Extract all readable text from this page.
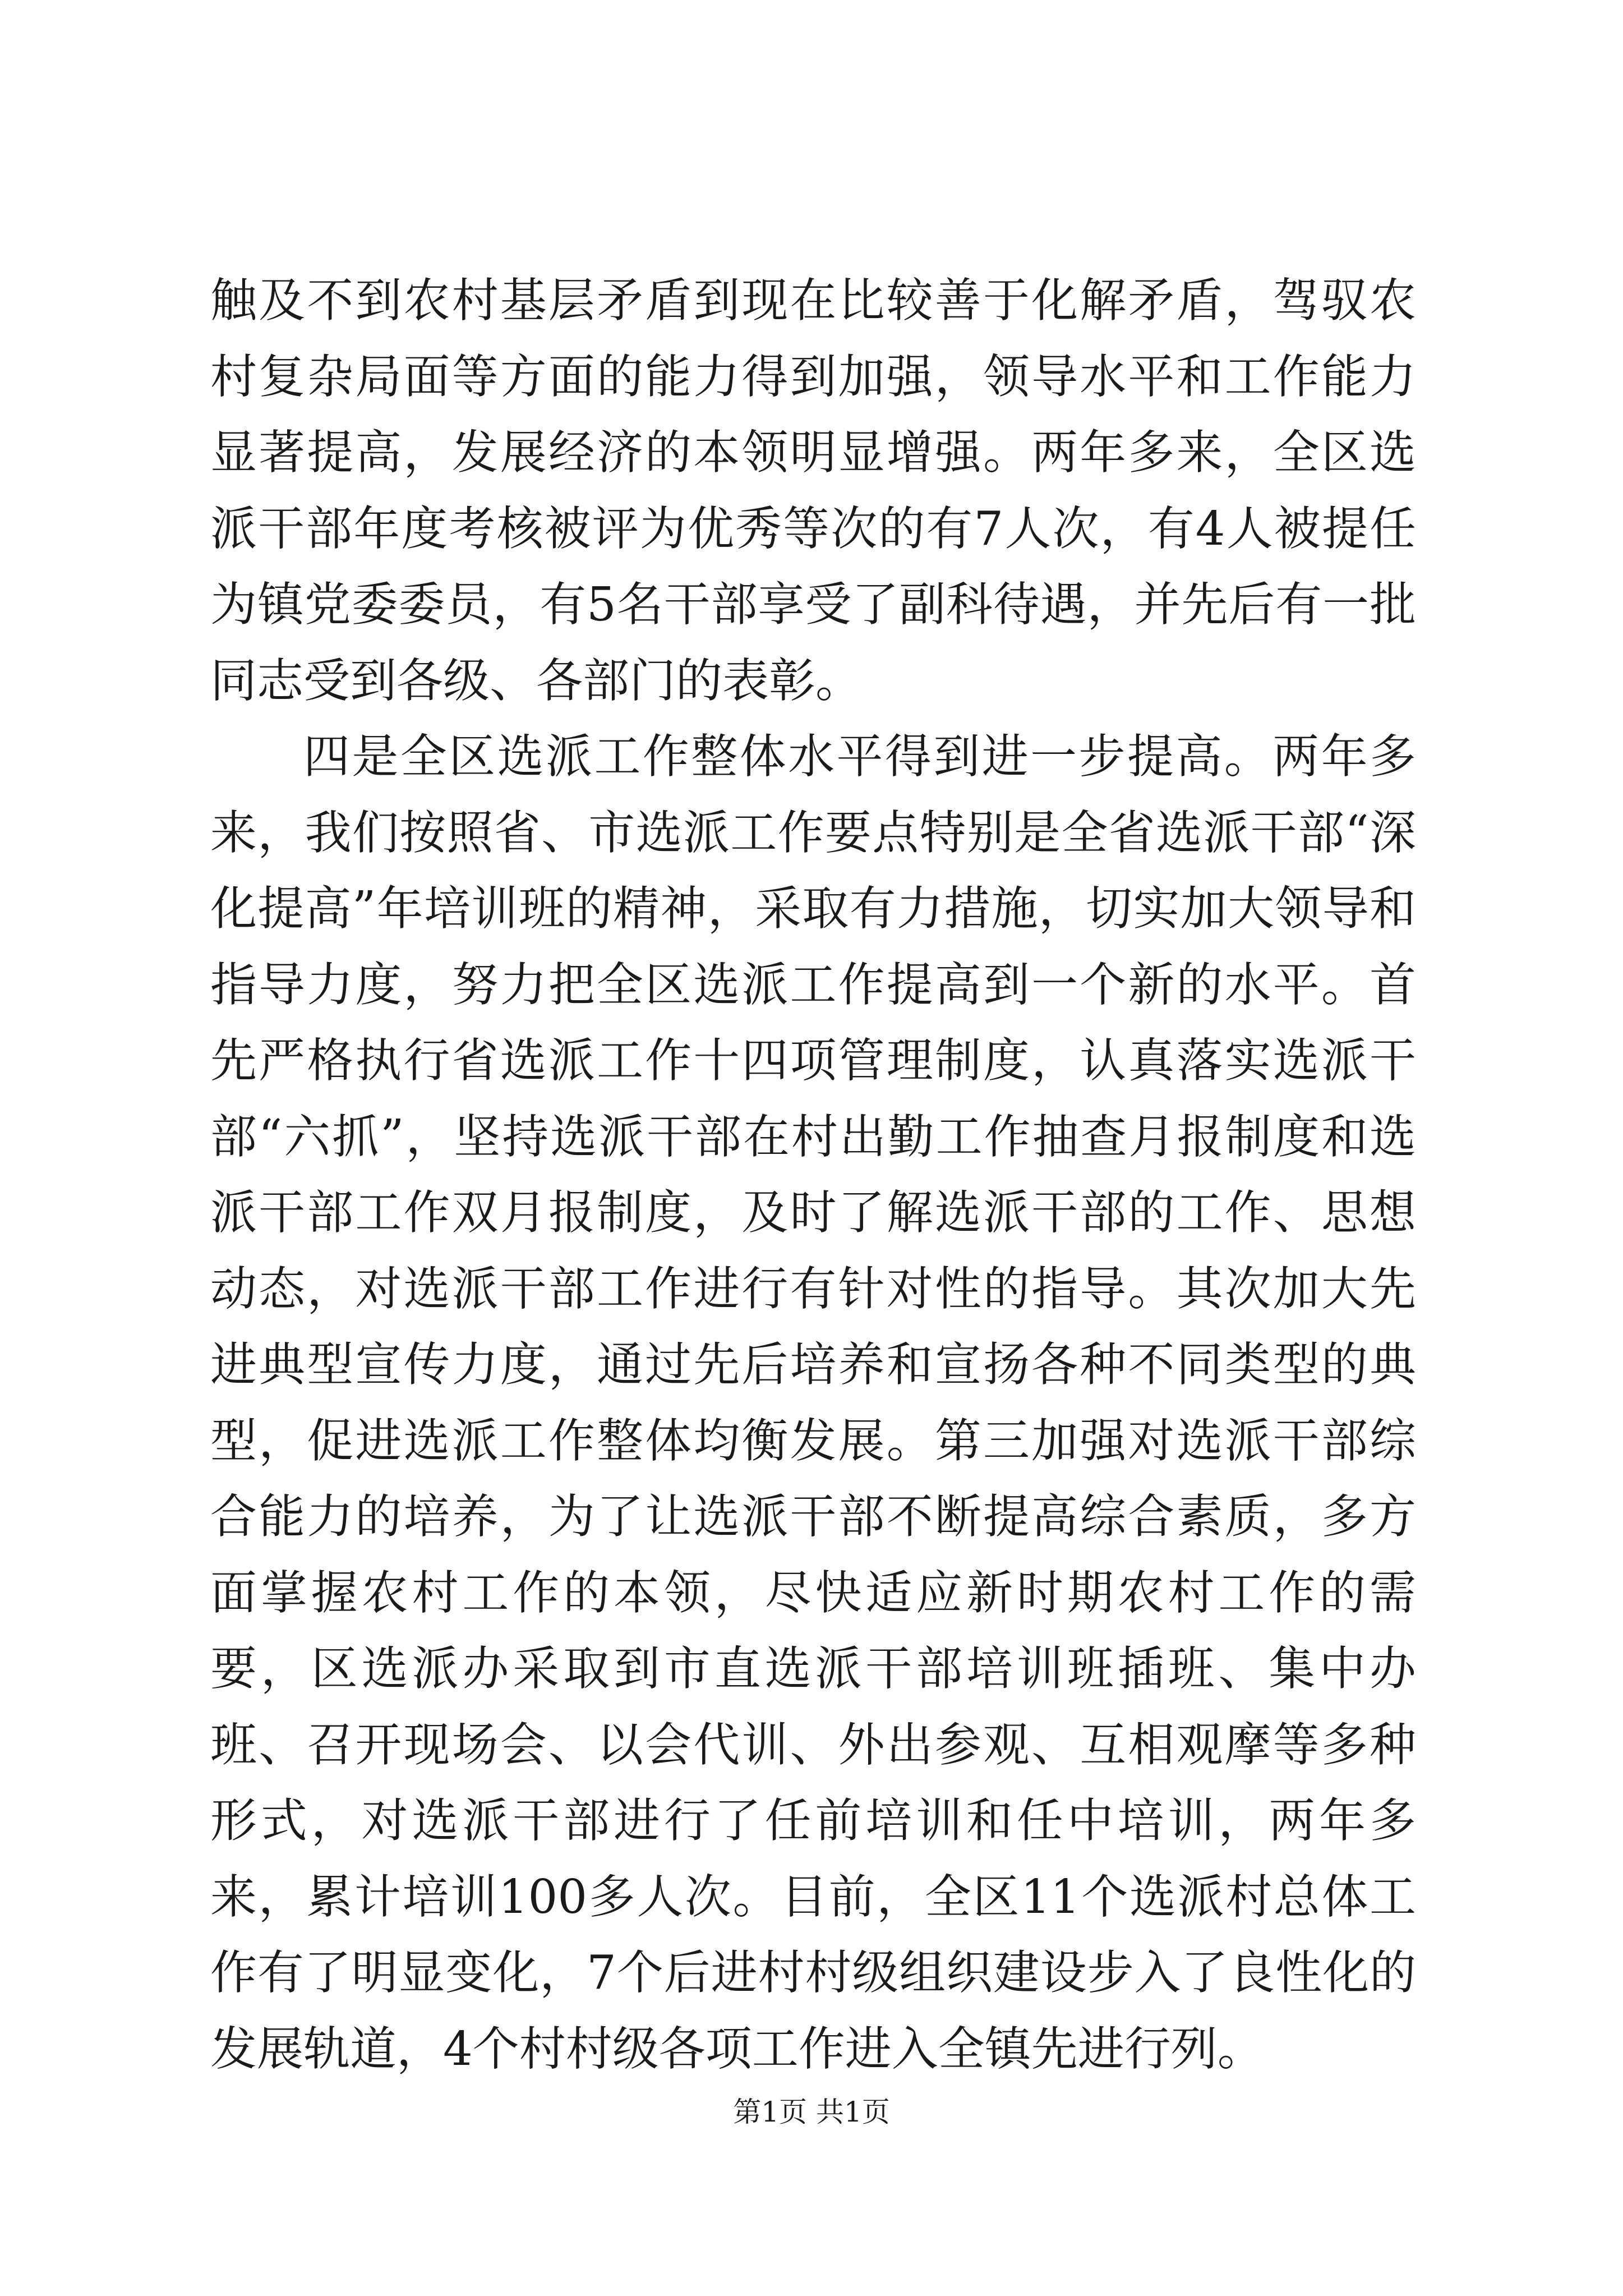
触及不到农村基层矛盾到现在比较善于化解矛盾，驾驭农村复杂局面等方面的能力得到加强，领导水平和工作能力显著提高，发展经济的本领明显增强。两年多来，全区选派干部年度考核被评为优秀等次的有7人次，有4人被提任为镇党委委员，有5名干部享受了副科待遇，并先后有一批同志受到各级、各部门的表彰。

四是全区选派工作整体水平得到进一步提高。两年多来，我们按照省、市选派工作要点特别是全省选派干部“深化提高”年培训班的精神，采取有力措施，切实加大领导和指导力度，努力把全区选派工作提高到一个新的水平。首先严格执行省选派工作十四项管理制度，认真落实选派干部“六抓”，坚持选派干部在村出勤工作抽查月报制度和选派干部工作双月报制度，及时了解选派干部的工作、思想动态，对选派干部工作进行有针对性的指导。其次加大先进典型宣传力度，通过先后培养和宣扬各种不同类型的典型，促进选派工作整体均衡发展。第三加强对选派干部综合能力的培养，为了让选派干部不断提高综合素质，多方面掌握农村工作的本领，尽快适应新时期农村工作的需要，区选派办采取到市直选派干部培训班插班、集中办班、召开现场会、以会代训、外出参观、互相观摩等多种形式，对选派干部进行了任前培训和任中培训，两年多来，累计培训100多人次。目前，全区11个选派村总体工作有了明显变化，7个后进村村级组织建设步入了良性化的发展轨道，4个村村级各项工作进入全镇先进行列。

第1页 共1页
